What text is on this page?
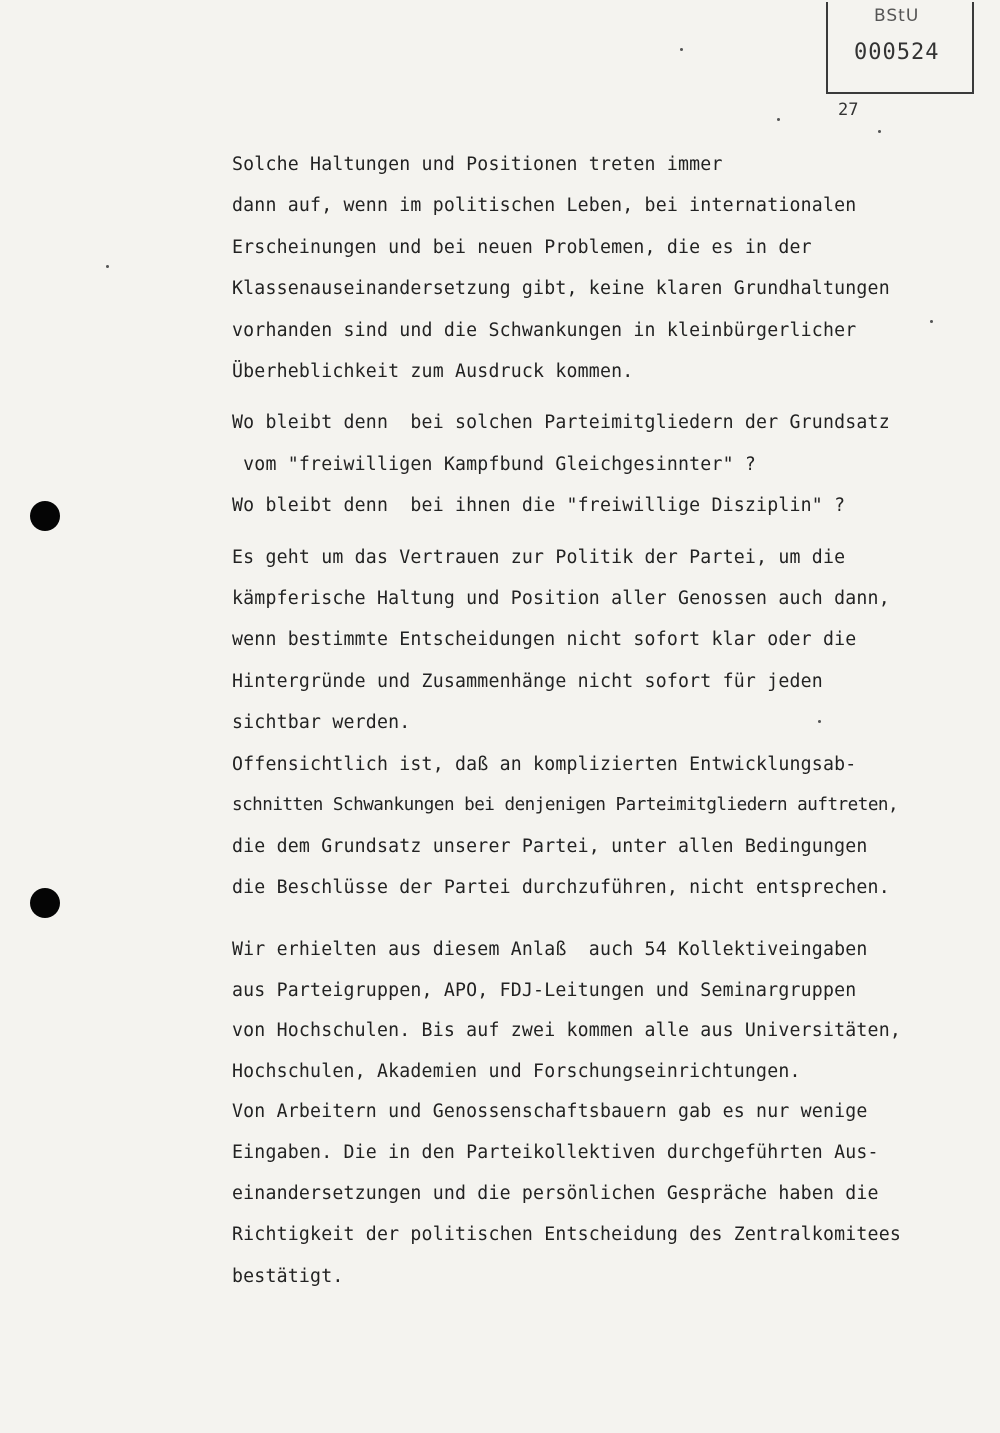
BStU
000524
27
Solche Haltungen und Positionen treten immer
dann auf, wenn im politischen Leben, bei internationalen
Erscheinungen und bei neuen Problemen, die es in der
Klassenauseinandersetzung gibt, keine klaren Grundhaltungen
vorhanden sind und die Schwankungen in kleinbürgerlicher
Überheblichkeit zum Ausdruck kommen.
Wo bleibt denn  bei solchen Parteimitgliedern der Grundsatz
vom "freiwilligen Kampfbund Gleichgesinnter" ?
Wo bleibt denn  bei ihnen die "freiwillige Disziplin" ?
Es geht um das Vertrauen zur Politik der Partei, um die
kämpferische Haltung und Position aller Genossen auch dann,
wenn bestimmte Entscheidungen nicht sofort klar oder die
Hintergründe und Zusammenhänge nicht sofort für jeden
sichtbar werden.
Offensichtlich ist, daß an komplizierten Entwicklungsab-
schnitten Schwankungen bei denjenigen Parteimitgliedern auftreten,
die dem Grundsatz unserer Partei, unter allen Bedingungen
die Beschlüsse der Partei durchzuführen, nicht entsprechen.
Wir erhielten aus diesem Anlaß  auch 54 Kollektiveingaben
aus Parteigruppen, APO, FDJ-Leitungen und Seminargruppen
von Hochschulen. Bis auf zwei kommen alle aus Universitäten,
Hochschulen, Akademien und Forschungseinrichtungen.
Von Arbeitern und Genossenschaftsbauern gab es nur wenige
Eingaben. Die in den Parteikollektiven durchgeführten Aus-
einandersetzungen und die persönlichen Gespräche haben die
Richtigkeit der politischen Entscheidung des Zentralkomitees
bestätigt.
